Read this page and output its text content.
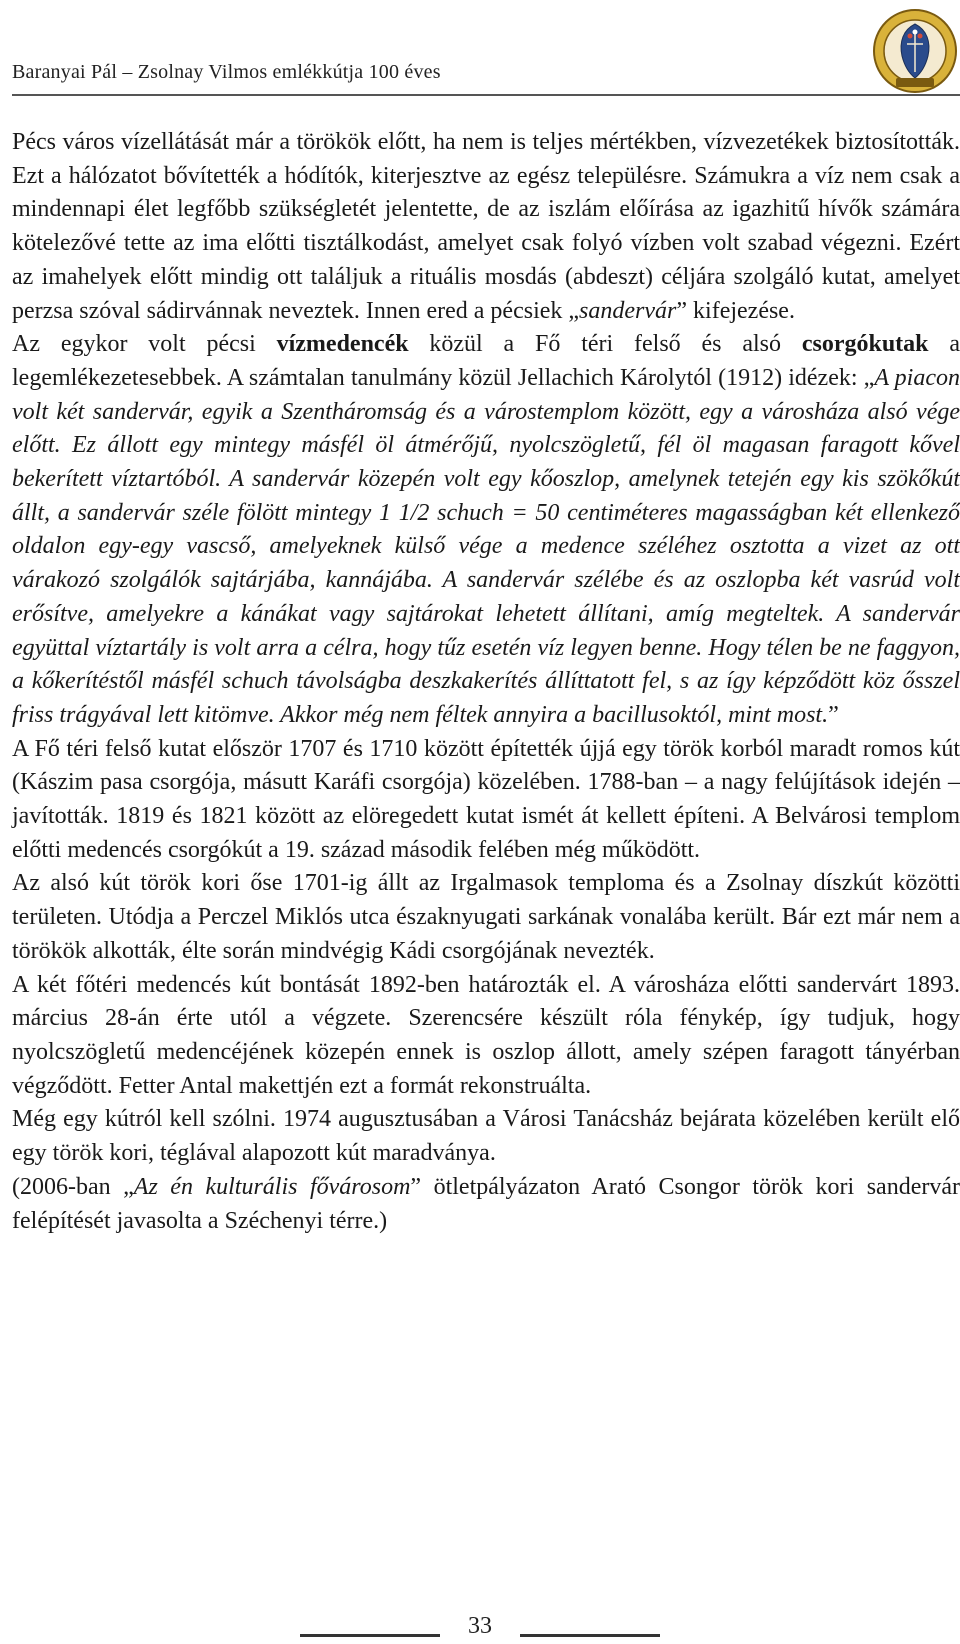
Baranyai Pál – Zsolnay Vilmos emlékkútja 100 éves

Pécs város vízellátását már a törökök előtt, ha nem is teljes mértékben, vízvezetékek biztosították. Ezt a hálózatot bővítették a hódítók, kiterjesztve az egész településre. Számukra a víz nem csak a mindennapi élet legfőbb szükségletét jelentette, de az iszlám előírása az igazhitű hívők számára kötelezővé tette az ima előtti tisztálkodást, amelyet csak folyó vízben volt szabad végezni. Ezért az imahelyek előtt mindig ott találjuk a rituális mosdás (abdeszt) céljára szolgáló kutat, amelyet perzsa szóval sádirvánnak neveztek. Innen ered a pécsiek „sandervár” kifejezése.

Az egykor volt pécsi vízmedencék közül a Fő téri felső és alsó csorgókutak a legemlékezetesebbek. A számtalan tanulmány közül Jellachich Károlytól (1912) idézek: „A piacon volt két sandervár, egyik a Szentháromság és a várostemplom között, egy a városháza alsó vége előtt. Ez állott egy mintegy másfél öl átmérőjű, nyolcszögletű, fél öl magasan faragott kővel bekerített víztartóból. A sandervár közepén volt egy kőoszlop, amelynek tetején egy kis szökőkút állt, a sandervár széle fölött mintegy 1 1/2 schuch = 50 centiméteres magasságban két ellenkező oldalon egy-egy vascső, amelyeknek külső vége a medence széléhez osztotta a vizet az ott várakozó szolgálók sajtárjába, kannájába. A sandervár szélébe és az oszlopba két vasrúd volt erősítve, amelyekre a kánákat vagy sajtárokat lehetett állítani, amíg megteltek. A sandervár együttal víztartály is volt arra a célra, hogy tűz esetén víz legyen benne. Hogy télen be ne faggyon, a kőkerítéstől másfél schuch távolságba deszkakerítés állíttatott fel, s az így képződött köz ősszel friss trágyával lett kitömve. Akkor még nem féltek annyira a bacillusoktól, mint most.”

A Fő téri felső kutat először 1707 és 1710 között építették újjá egy török korból maradt romos kút (Kászim pasa csorgója, másutt Karáfi csorgója) közelében. 1788-ban – a nagy felújítások idején – javították. 1819 és 1821 között az elöregedett kutat ismét át kellett építeni. A Belvárosi templom előtti medencés csorgókút a 19. század második felében még működött.

Az alsó kút török kori őse 1701-ig állt az Irgalmasok temploma és a Zsolnay díszkút közötti területen. Utódja a Perczel Miklós utca északnyugati sarkának vonalába került. Bár ezt már nem a törökök alkották, élte során mindvégig Kádi csorgójának nevezték.

A két főtéri medencés kút bontását 1892-ben határozták el. A városháza előtti sandervárt 1893. március 28-án érte utól a végzete. Szerencsére készült róla fénykép, így tudjuk, hogy nyolcszögletű medencéjének közepén ennek is oszlop állott, amely szépen faragott tányérban végződött. Fetter Antal makettjén ezt a formát rekonstruálta.

Még egy kútról kell szólni. 1974 augusztusában a Városi Tanácsház bejárata közelében került elő egy török kori, téglával alapozott kút maradványa.

(2006-ban „Az én kulturális fővárosom” ötletpályázaton Arató Csongor török kori sandervár felépítését javasolta a Széchenyi térre.)

33
